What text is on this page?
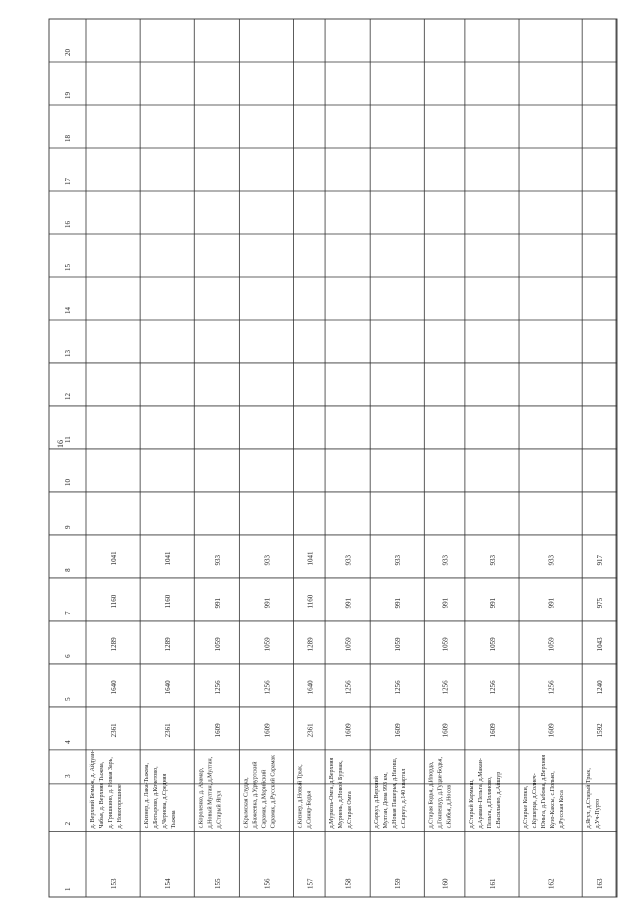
16
1
2
3
4
5
6
7
8
9
10
11
12
13
14
15
16
17
18
19
20
153
д. Верхний Бемыж, д. Айдуан- Чабья, д. Верхняя Тыжма, д. Гришкино, д. Новая Зарь, д. Новогорошное
2361
1640
1289
1160
1041
154
с.Кизнер, д. Лака-Тыжма, д.Ботырово, д.Кочетово, д.Чернова, д.Средняя Тыжма
2361
1640
1289
1160
1041
155
с.Короленко, д. Азамар, д.Новый Мултан, д.Мултан, д.Старый Ягул
1609
1256
1059
991
933
156
с.Крымская Слудка, д.Бажеевка, д.Удмуртский Сарамак, д.Марийский Сарамак, д.Русский Сарамак
1609
1256
1059
991
933
157
с.Кизнер, д.Новый Трык, д.Синяр-Бодья
2361
1640
1289
1160
1041
158
д.Муркозь-Омга, д.Верхняя Мурнень, д.Новой Бурнак, д.Старая Омга
1609
1256
1059
991
933
159
д.Саркуз, д.Верхний Мултан, Дома 993 км, д.Новая Пашерья, д.Нагиш, с.Саркуз, д.140 квартал
1609
1256
1059
991
933
160
д.Старая Бодья, д.Ипорда, д.Гонпешур, д.Гуцаи-Бодья, с.Кибья, д.Носов
1609
1256
1059
991
933
161
д.Старый Кармыш, д.Араван–Пельга, д.Макан- Пельга, д.Поляново, с.Васильево, д.Айшур
1609
1256
1059
991
933
162
д.Старые Копки, с.Кушерца, д.Солнеч- Юньга, д.Гыбожа, д.Верхняя Кузо-Каксы, с.Полько, д.Русская Коса
1609
1256
1059
991
933
163
д.Ягул, д.Старый Трык, д.Уч-Пурто
1592
1240
1043
975
917
